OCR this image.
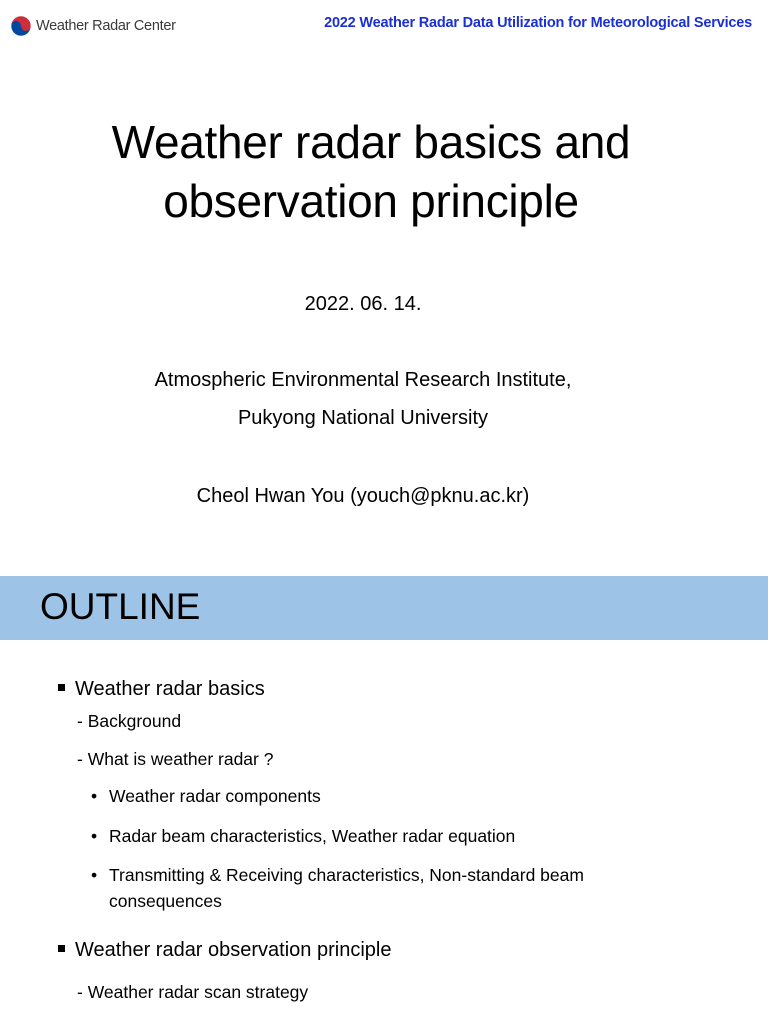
Weather Radar Center	2022 Weather Radar Data Utilization for Meteorological Services
Weather radar basics and
observation principle
2022. 06. 14.
Atmospheric Environmental Research Institute,
Pukyong National University
Cheol Hwan You (youch@pknu.ac.kr)
OUTLINE
Weather radar basics
- Background
- What is weather radar ?
• Weather radar components
• Radar beam characteristics, Weather radar equation
• Transmitting & Receiving characteristics, Non-standard beam
consequences
Weather radar observation principle
- Weather radar scan strategy
